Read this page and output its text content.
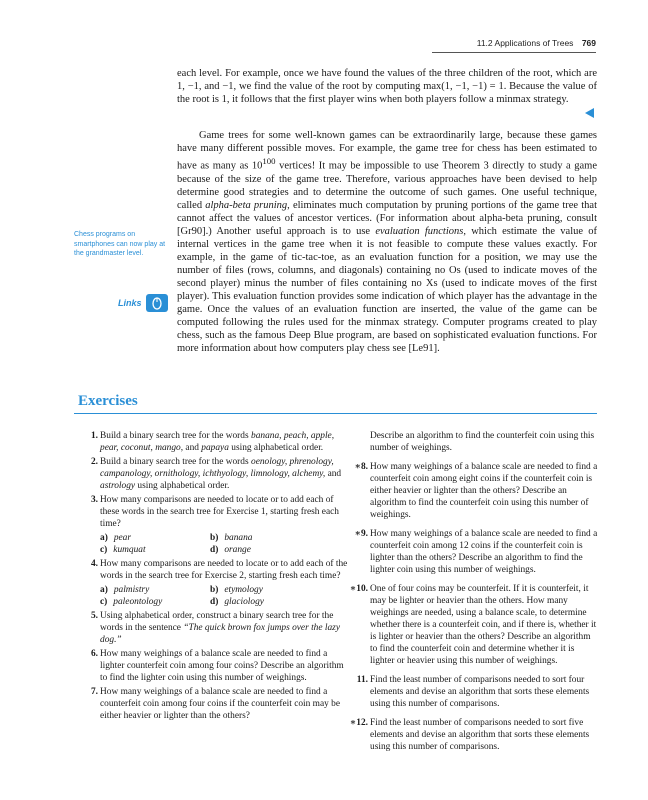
11.2 Applications of Trees 769
each level. For example, once we have found the values of the three children of the root, which are 1, −1, and −1, we find the value of the root by computing max(1, −1, −1) = 1. Because the value of the root is 1, it follows that the first player wins when both players follow a minmax strategy.
Game trees for some well-known games can be extraordinarily large, because these games have many different possible moves. For example, the game tree for chess has been estimated to have as many as $10^{100}$ vertices! It may be impossible to use Theorem 3 directly to study a game because of the size of the game tree. Therefore, various approaches have been devised to help determine good strategies and to determine the outcome of such games. One useful technique, called alpha-beta pruning, eliminates much computation by pruning portions of the game tree that cannot affect the values of ancestor vertices. (For information about alpha-beta pruning, consult [Gr90].) Another useful approach is to use evaluation functions, which estimate the value of internal vertices in the game tree when it is not feasible to compute these values exactly. For example, in the game of tic-tac-toe, as an evaluation function for a position, we may use the number of files (rows, columns, and diagonals) containing no Os (used to indicate moves of the second player) minus the number of files containing no Xs (used to indicate moves of the first player). This evaluation function provides some indication of which player has the advantage in the game. Once the values of an evaluation function are inserted, the value of the game can be computed following the rules used for the minmax strategy. Computer programs created to play chess, such as the famous Deep Blue program, are based on sophisticated evaluation functions. For more information about how computers play chess see [Le91].
Chess programs on smartphones can now play at the grandmaster level.
Links
Exercises
1. Build a binary search tree for the words banana, peach, apple, pear, coconut, mango, and papaya using alphabetical order.
2. Build a binary search tree for the words oenology, phrenology, campanology, ornithology, ichthyology, limnology, alchemy, and astrology using alphabetical order.
3. How many comparisons are needed to locate or to add each of these words in the search tree for Exercise 1, starting fresh each time?
a) pear	b) banana
c) kumquat	d) orange
4. How many comparisons are needed to locate or to add each of the words in the search tree for Exercise 2, starting fresh each time?
a) palmistry	b) etymology
c) paleontology	d) glaciology
5. Using alphabetical order, construct a binary search tree for the words in the sentence “The quick brown fox jumps over the lazy dog.”
6. How many weighings of a balance scale are needed to find a lighter counterfeit coin among four coins? Describe an algorithm to find the lighter coin using this number of weighings.
7. How many weighings of a balance scale are needed to find a counterfeit coin among four coins if the counterfeit coin may be either heavier or lighter than the others?
Describe an algorithm to find the counterfeit coin using this number of weighings.
∗8. How many weighings of a balance scale are needed to find a counterfeit coin among eight coins if the counterfeit coin is either heavier or lighter than the others? Describe an algorithm to find the counterfeit coin using this number of weighings.
∗9. How many weighings of a balance scale are needed to find a counterfeit coin among 12 coins if the counterfeit coin is lighter than the others? Describe an algorithm to find the lighter coin using this number of weighings.
∗10. One of four coins may be counterfeit. If it is counterfeit, it may be lighter or heavier than the others. How many weighings are needed, using a balance scale, to determine whether there is a counterfeit coin, and if there is, whether it is lighter or heavier than the others? Describe an algorithm to find the counterfeit coin and determine whether it is lighter or heavier using this number of weighings.
11. Find the least number of comparisons needed to sort four elements and devise an algorithm that sorts these elements using this number of comparisons.
∗12. Find the least number of comparisons needed to sort five elements and devise an algorithm that sorts these elements using this number of comparisons.
